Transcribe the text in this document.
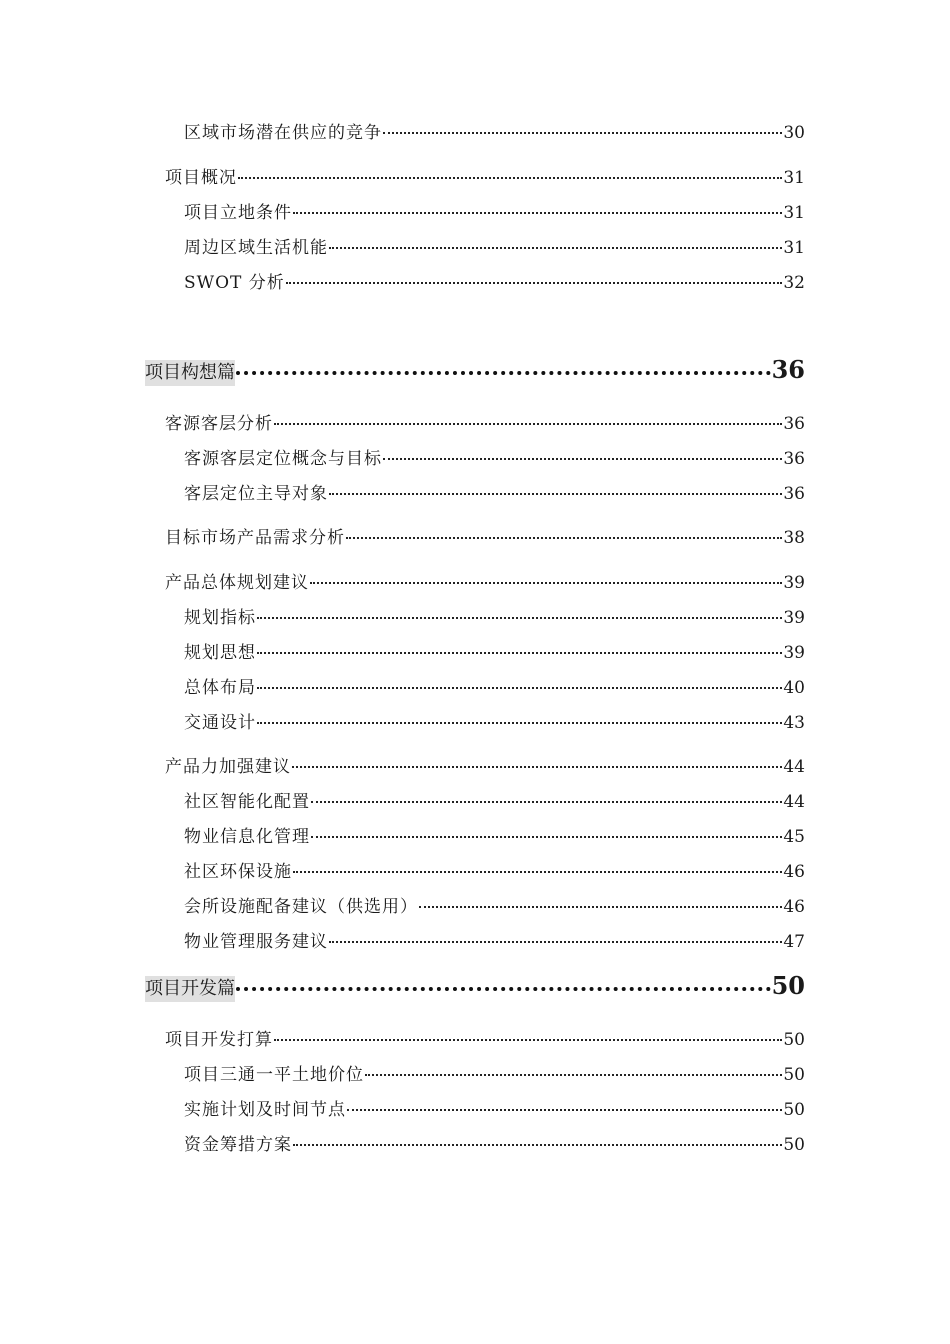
区域市场潜在供应的竞争	30
项目概况	31
项目立地条件	31
周边区域生活机能	31
SWOT 分析	32
项目构想篇	36
客源客层分析	36
客源客层定位概念与目标	36
客层定位主导对象	36
目标市场产品需求分析	38
产品总体规划建议	39
规划指标	39
规划思想	39
总体布局	40
交通设计	43
产品力加强建议	44
社区智能化配置	44
物业信息化管理	45
社区环保设施	46
会所设施配备建议（供选用）	46
物业管理服务建议	47
项目开发篇	50
项目开发打算	50
项目三通一平土地价位	50
实施计划及时间节点	50
资金筹措方案	50
